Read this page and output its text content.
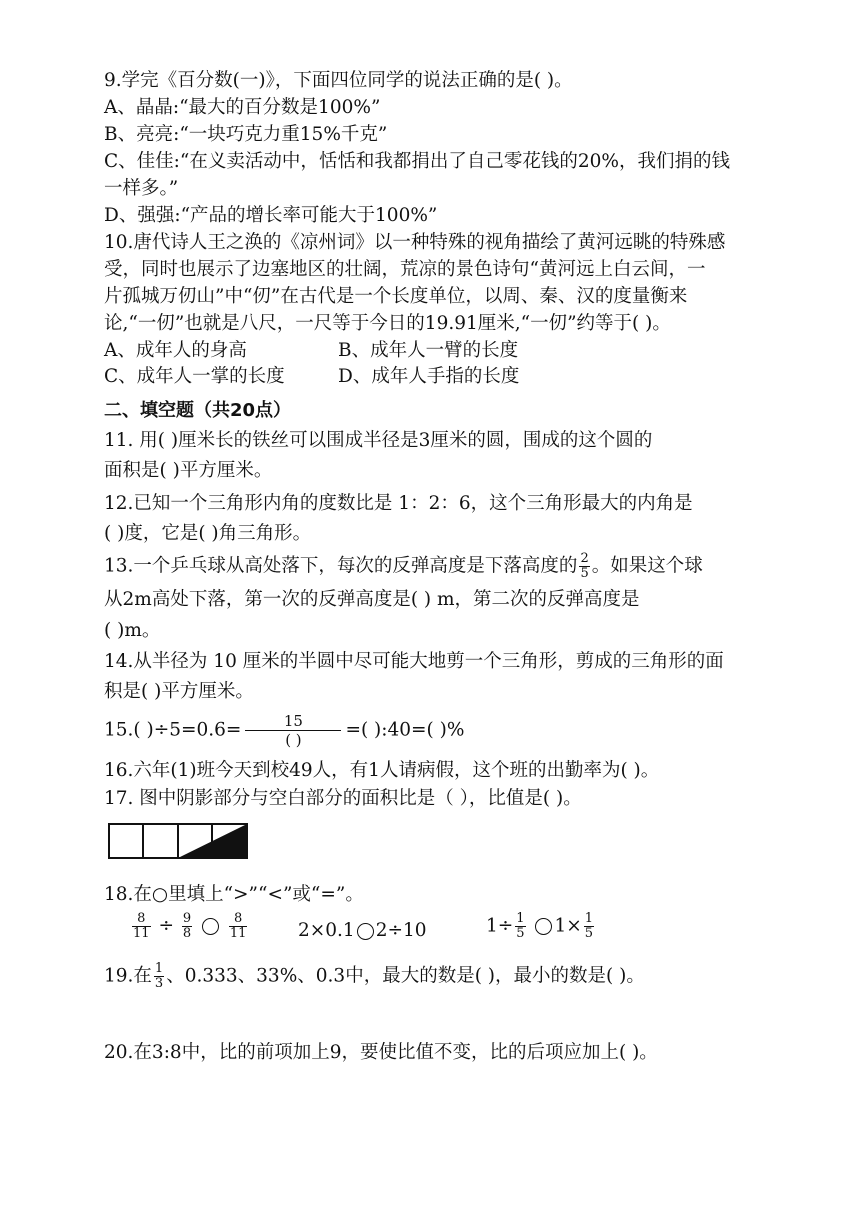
9.学完《百分数(一)》，下面四位同学的说法正确的是( )。
A、晶晶:“最大的百分数是100%”
B、亮亮:“一块巧克力重15%千克”
C、佳佳:“在义卖活动中，恬恬和我都捐出了自己零花钱的20%，我们捐的钱
一样多。”
D、强强:“产品的增长率可能大于100%”
10.唐代诗人王之涣的《凉州词》以一种特殊的视角描绘了黄河远眺的特殊感
受，同时也展示了边塞地区的壮阔，荒凉的景色诗句“黄河远上白云间，一
片孤城万仞山”中“仞”在古代是一个长度单位，以周、秦、汉的度量衡来
论,“一仞”也就是八尺，一尺等于今日的19.91厘米,“一仞”约等于( )。
A、成年人的身高	B、成年人一臂的长度
C、成年人一掌的长度	D、成年人手指的长度
二、填空题（共20点）
11. 用( )厘米长的铁丝可以围成半径是3厘米的圆，围成的这个圆的
面积是( )平方厘米。
12.已知一个三角形内角的度数比是 1：2：6，这个三角形最大的内角是
( )度，它是( )角三角形。
13.一个乒乓球从高处落下，每次的反弹高度是下落高度的 $\frac{2}{5}$ 。如果这个球
从2m高处下落，第一次的反弹高度是( ) m，第二次的反弹高度是
( )m。
14.从半径为 10 厘米的半圆中尽可能大地剪一个三角形，剪成的三角形的面
积是( )平方厘米。
15.( )÷5=0.6=	15
( )	=( ):40=( )%
16.六年(1)班今天到校49人，有1人请病假，这个班的出勤率为( )。
17. 图中阴影部分与空白部分的面积比是（ ），比值是( )。
18.在○里填上“>”“<”或“=”。
$\frac{8}{11} \div \frac{9}{8}$
	$\frac{8}{11}$	2×0.1 2÷10	$1\div \frac{1}{5} 1\times \frac{1}{5}$
19.在 $\frac{1}{3}$ 、0.333、33%、0.3中，最大的数是( )，最小的数是( )。
20.在3:8中，比的前项加上9，要使比值不变，比的后项应加上( )。
